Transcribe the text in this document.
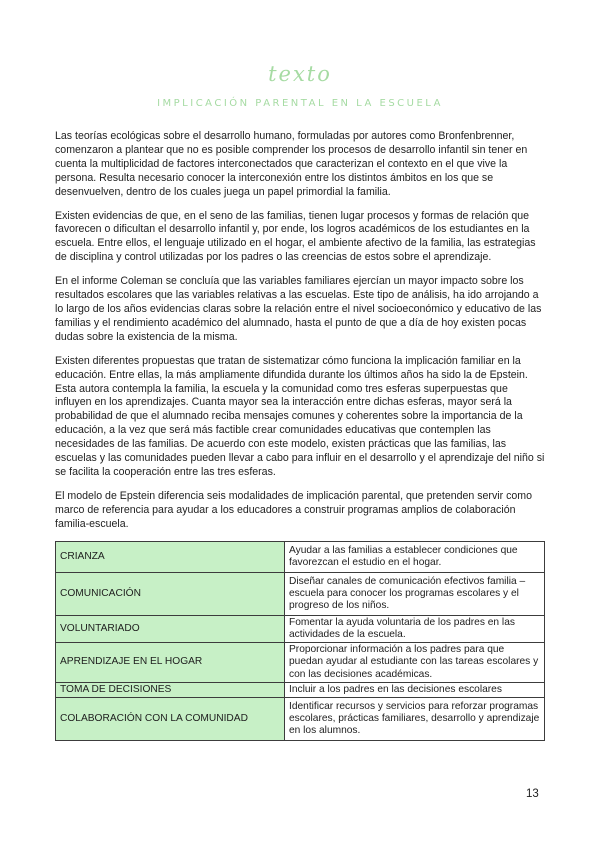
texto
IMPLICACIÓN PARENTAL EN LA ESCUELA

Las teorías ecológicas sobre el desarrollo humano, formuladas por autores como Bronfenbrenner, comenzaron a plantear que no es posible comprender los procesos de desarrollo infantil sin tener en cuenta la multiplicidad de factores interconectados que caracterizan el contexto en el que vive la persona. Resulta necesario conocer la interconexión entre los distintos ámbitos en los que se desenvuelven, dentro de los cuales juega un papel primordial la familia.

Existen evidencias de que, en el seno de las familias, tienen lugar procesos y formas de relación que favorecen o dificultan el desarrollo infantil y, por ende, los logros académicos de los estudiantes en la escuela. Entre ellos, el lenguaje utilizado en el hogar, el ambiente afectivo de la familia, las estrategias de disciplina y control utilizadas por los padres o las creencias de estos sobre el aprendizaje.

En el informe Coleman se concluía que las variables familiares ejercían un mayor impacto sobre los resultados escolares que las variables relativas a las escuelas. Este tipo de análisis, ha ido arrojando a lo largo de los años evidencias claras sobre la relación entre el nivel socioeconómico y educativo de las familias y el rendimiento académico del alumnado, hasta el punto de que a día de hoy existen pocas dudas sobre la existencia de la misma.

Existen diferentes propuestas que tratan de sistematizar cómo funciona la implicación familiar en la educación. Entre ellas, la más ampliamente difundida durante los últimos años ha sido la de Epstein. Esta autora contempla la familia, la escuela y la comunidad como tres esferas superpuestas que influyen en los aprendizajes. Cuanta mayor sea la interacción entre dichas esferas, mayor será la probabilidad de que el alumnado reciba mensajes comunes y coherentes sobre la importancia de la educación, a la vez que será más factible crear comunidades educativas que contemplen las necesidades de las familias. De acuerdo con este modelo, existen prácticas que las familias, las escuelas y las comunidades pueden llevar a cabo para influir en el desarrollo y el aprendizaje del niño si se facilita la cooperación entre las tres esferas.

El modelo de Epstein diferencia seis modalidades de implicación parental, que pretenden servir como marco de referencia para ayudar a los educadores a construir programas amplios de colaboración familia-escuela.

CRIANZA	Ayudar a las familias a establecer condiciones que favorezcan el estudio en el hogar.
COMUNICACIÓN	Diseñar canales de comunicación efectivos familia – escuela para conocer los programas escolares y el progreso de los niños.
VOLUNTARIADO	Fomentar la ayuda voluntaria de los padres en las actividades de la escuela.
APRENDIZAJE EN EL HOGAR	Proporcionar información a los padres para que puedan ayudar al estudiante con las tareas escolares y con las decisiones académicas.
TOMA DE DECISIONES	Incluir a los padres en las decisiones escolares
COLABORACIÓN CON LA COMUNIDAD	Identificar recursos y servicios para reforzar programas escolares, prácticas familiares, desarrollo y aprendizaje en los alumnos.
13
